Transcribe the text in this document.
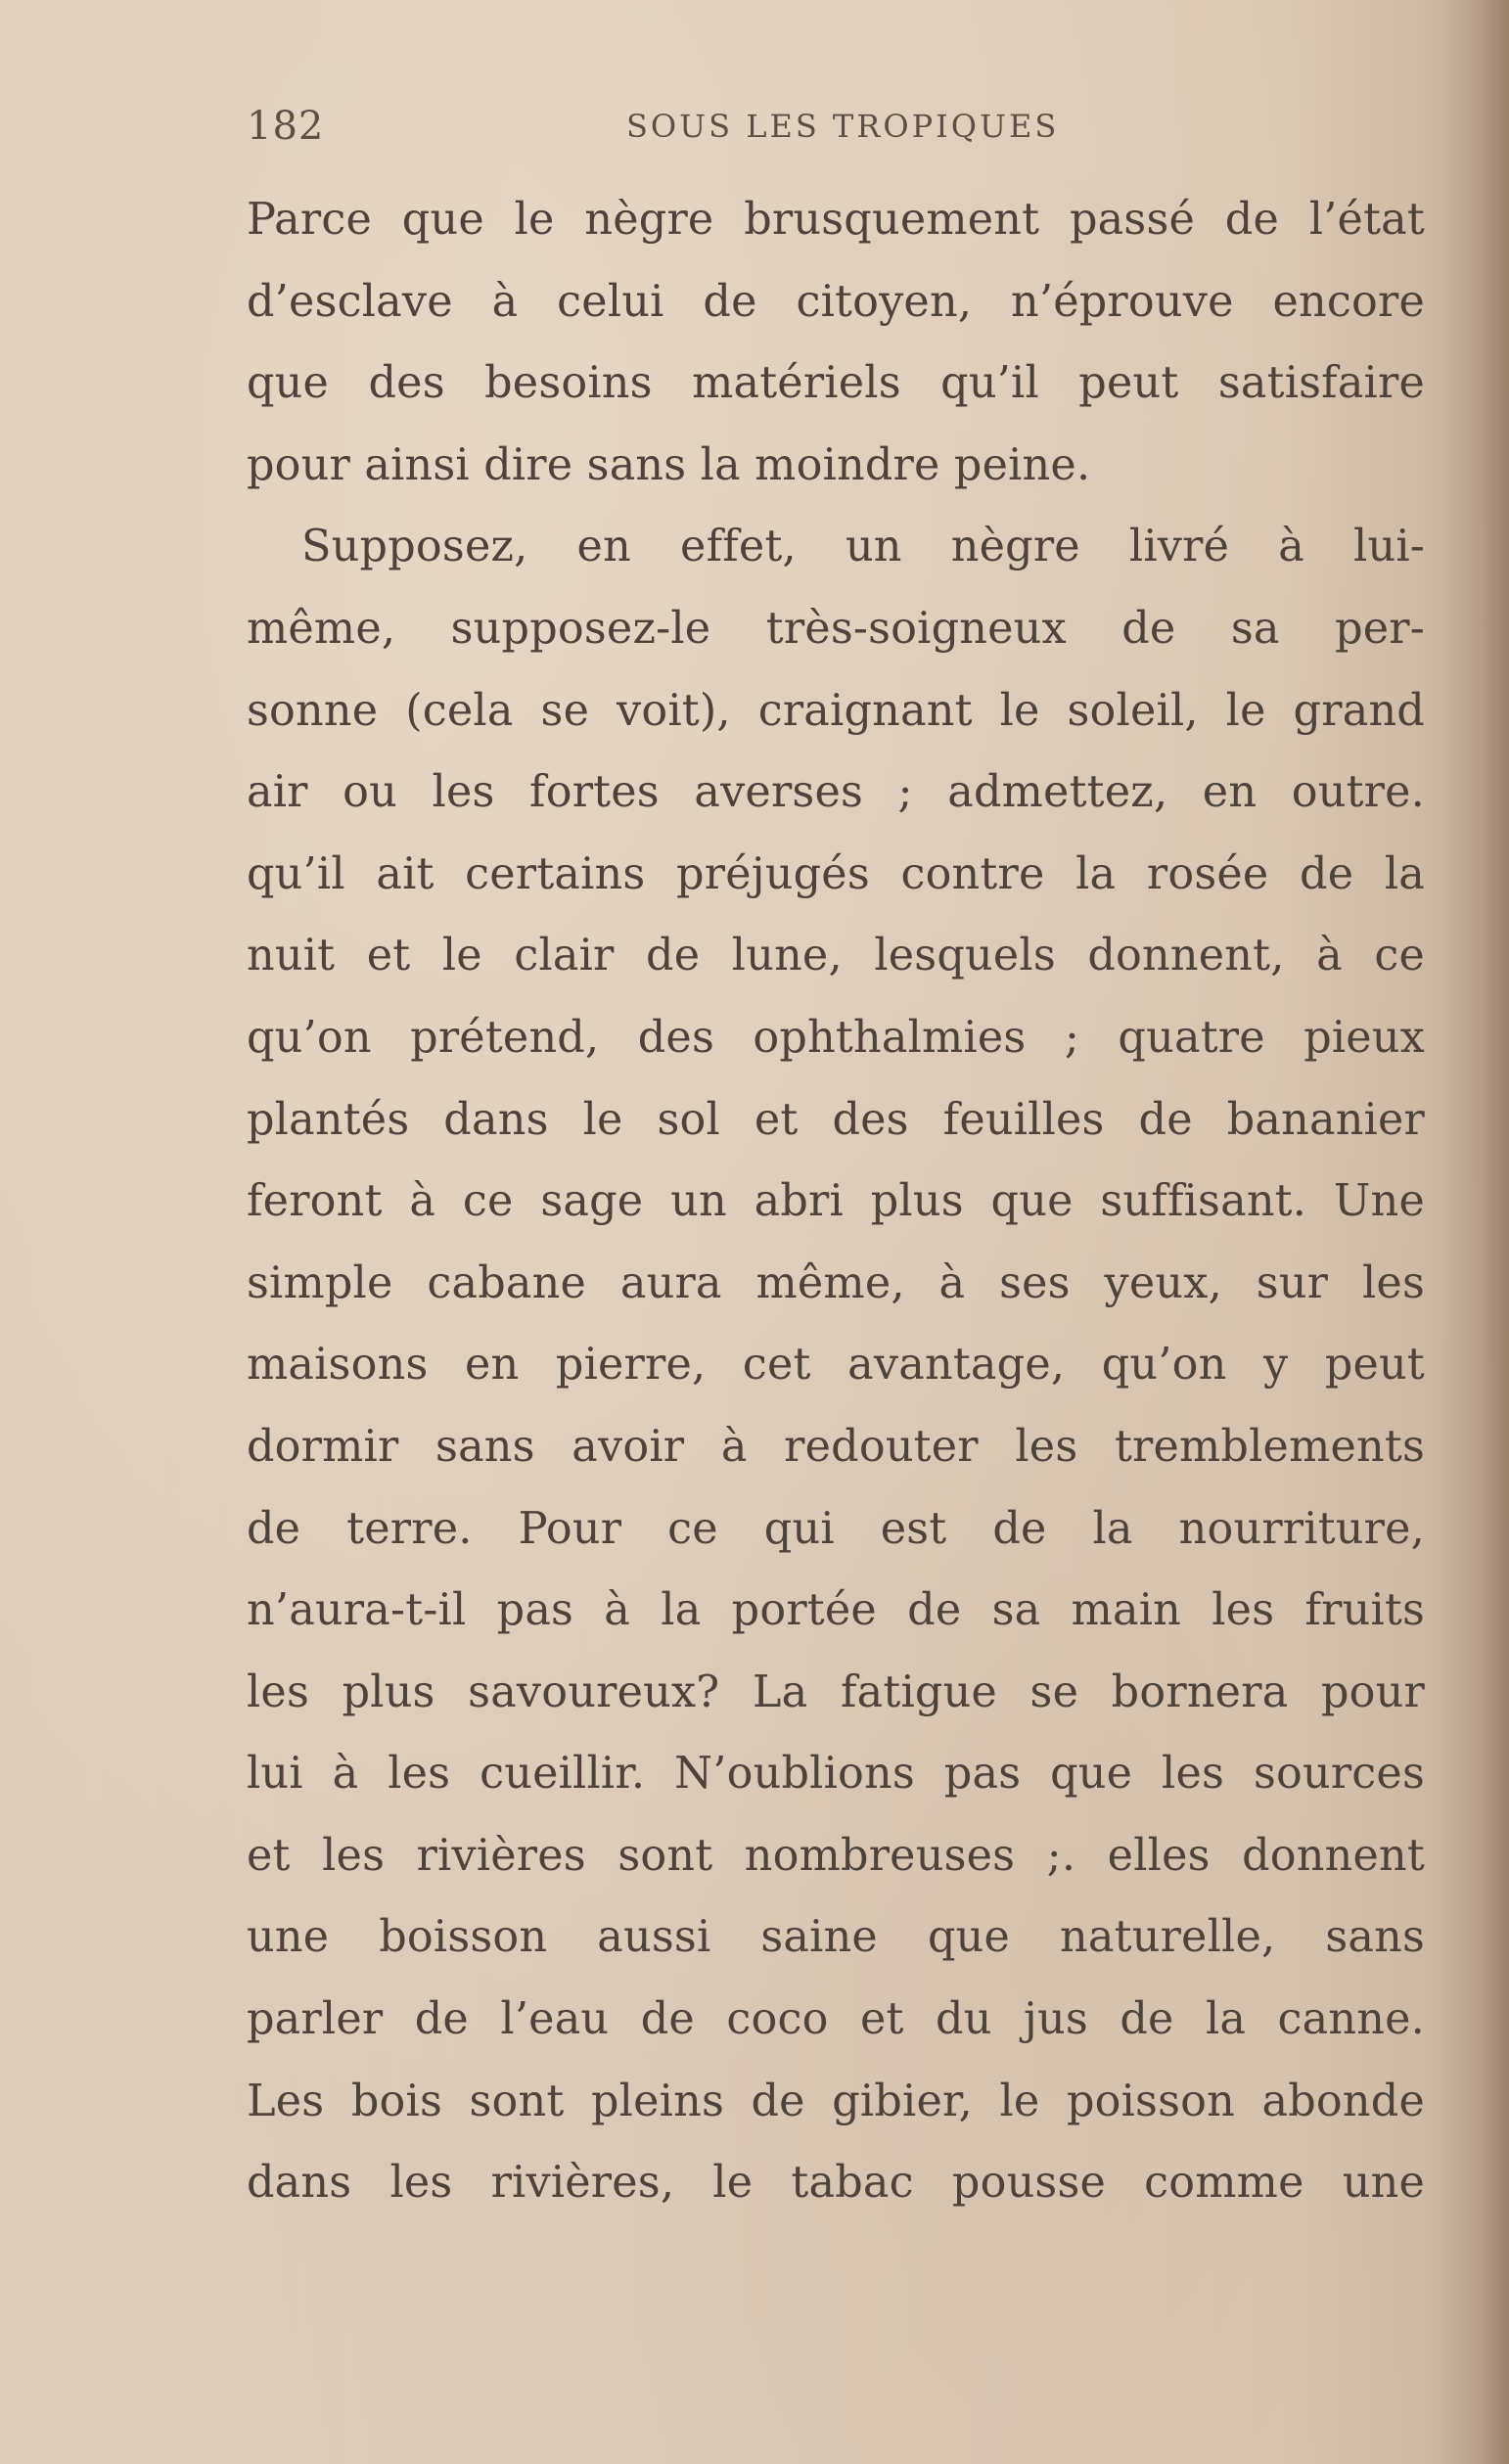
182	SOUS LES TROPIQUES
Parce que le nègre brusquement passé de l’état
d’esclave à celui de citoyen, n’éprouve encore
que des besoins matériels qu’il peut satisfaire
pour ainsi dire sans la moindre peine.
Supposez, en effet, un nègre livré à lui-
même, supposez-le très-soigneux de sa per-
sonne (cela se voit), craignant le soleil, le grand
air ou les fortes averses ; admettez, en outre.
qu’il ait certains préjugés contre la rosée de la
nuit et le clair de lune, lesquels donnent, à ce
qu’on prétend, des ophthalmies ; quatre pieux
plantés dans le sol et des feuilles de bananier
feront à ce sage un abri plus que suffisant. Une
simple cabane aura même, à ses yeux, sur les
maisons en pierre, cet avantage, qu’on y peut
dormir sans avoir à redouter les tremblements
de terre. Pour ce qui est de la nourriture,
n’aura-t-il pas à la portée de sa main les fruits
les plus savoureux? La fatigue se bornera pour
lui à les cueillir. N’oublions pas que les sources
et les rivières sont nombreuses ;. elles donnent
une boisson aussi saine que naturelle, sans
parler de l’eau de coco et du jus de la canne.
Les bois sont pleins de gibier, le poisson abonde
dans les rivières, le tabac pousse comme une
